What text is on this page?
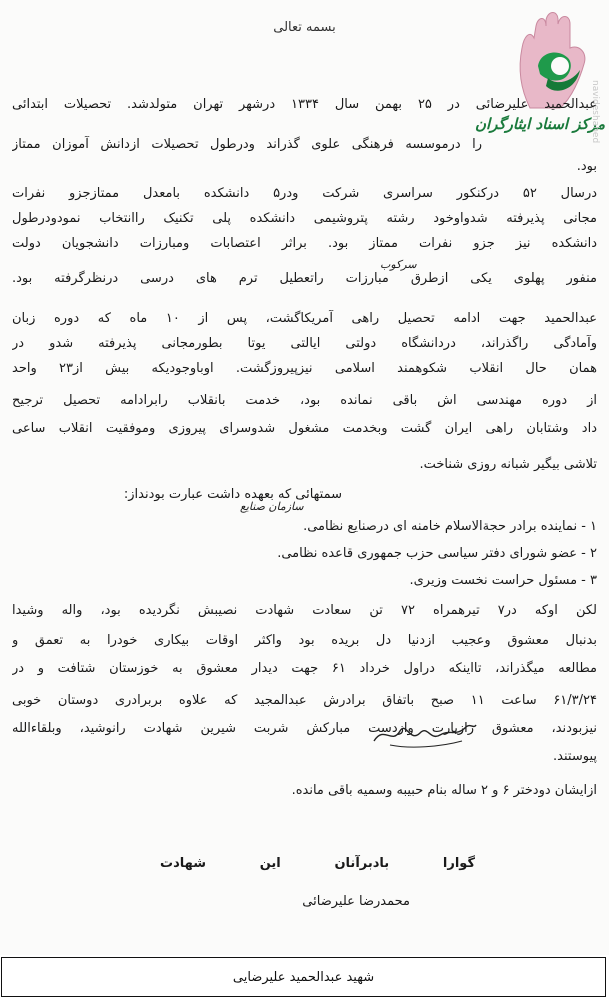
بسمه تعالی
مرکز اسناد ایثارگران
navideshahed
عبدالحمید علیرضائی در ۲۵ بهمن سال ۱۳۳۴ درشهر تهران متولدشد. تحصیلات ابتدائی
را درموسسه فرهنگی علوی گذراند ودرطول تحصیلات ازدانش آموزان ممتاز
بود.
درسال ۵۲ درکنکور سراسری شرکت ودر۵ دانشکده بامعدل ممتازجزو نفرات
مجانی پذیرفته شدواوخود رشته پتروشیمی دانشکده پلی تکنیک راانتخاب نمودودرطول
دانشکده نیز جزو نفرات ممتاز بود. براثر اعتصابات ومبارزات دانشجویان دولت
منفور پهلوی یکی ازطرق مبارزات راتعطیل ترم های درسی درنظرگرفته بود.
عبدالحمید جهت ادامه تحصیل راهی آمریکاگشت، پس از ۱۰ ماه که دوره زبان
وآمادگی راگذراند، دردانشگاه دولتی ایالتی یوتا بطورمجانی پذیرفته شدو در
همان حال انقلاب شکوهمند اسلامی نیزپیروزگشت. اوباوجودیکه بیش از۲۳ واحد
از دوره مهندسی اش باقی نمانده بود، خدمت بانقلاب رابرادامه تحصیل ترجیح
داد وشتابان راهی ایران گشت وبخدمت مشغول شدوسرای پیروزی وموفقیت انقلاب ساعی
تلاشی بیگیر شبانه روزی شناخت.
سمتهائی که بعهده داشت عبارت بودنداز:
۱ - نماینده برادر حجةالاسلام خامنه ای درصنایع نظامی.
۲ - عضو شورای دفتر سیاسی حزب جمهوری قاعده نظامی.
۳ - مسئول حراست نخست وزیری.
لکن اوکه در۷ تیرهمراه ۷۲ تن سعادت شهادت نصیبش نگردیده بود، واله وشیدا
بدنبال معشوق وعجیب ازدنیا دل بریده بود واکثر اوقات بیکاری خودرا به تعمق و
مطالعه میگذراند، تااینکه دراول خرداد ۶۱ جهت دیدار معشوق به خوزستان شتافت و در
۶۱/۳/۲۴ ساعت ۱۱ صبح باتفاق برادرش عبدالمجید که علاوه بربرادری دوستان خوبی
نیزبودند، معشوق رازیارت وازدست مبارکش شربت شیرین شهادت رانوشید، وبلقاءالله
پیوستند.
ازایشان دودختر ۶ و ۲ ساله بنام حبیبه وسمیه باقی مانده.
گوارا بادبرآنان این شهادت
محمدرضا علیرضائی
سازمان صنایع
سرکوب
شهید عبدالحمید علیرضایی
